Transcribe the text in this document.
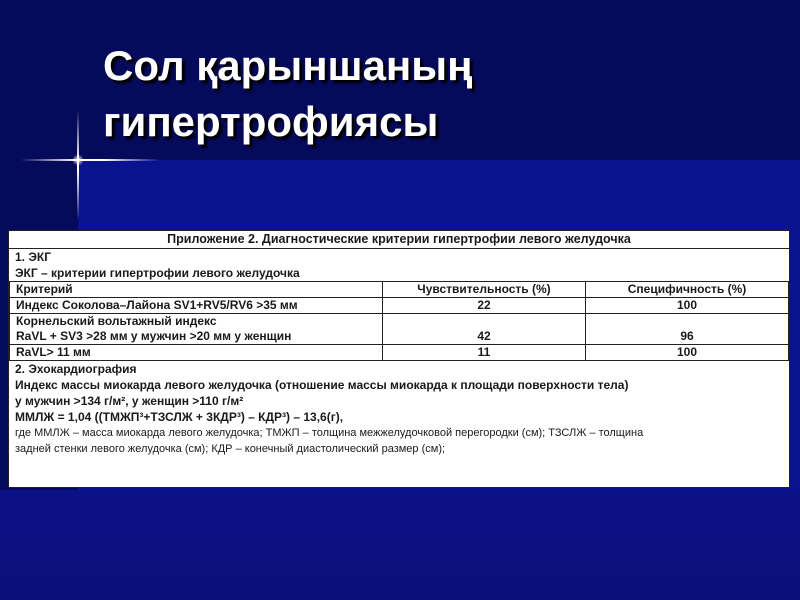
Сол қарыншаның
гипертрофиясы
Приложение 2. Диагностические критерии гипертрофии левого желудочка
1. ЭКГ
ЭКГ – критерии гипертрофии левого желудочка
Критерий	Чувствительность (%)	Специфичность (%)
Индекс Соколова–Лайона SV1+RV5/RV6 >35 мм	22	100

Корнельский вольтажный индекс
RaVL + SV3 >28 мм у мужчин >20 мм у женщин	42	96
RaVL> 11 мм	11	100
2. Эхокардиография
Индекс массы миокарда левого желудочка (отношение массы миокарда к площади поверхности тела)
у мужчин >134 г/м², у женщин >110 г/м²
ММЛЖ = 1,04 ((ТМЖП³+ТЗСЛЖ + 3КДР³) – КДР³) – 13,6(г),
где ММЛЖ – масса миокарда левого желудочка; ТМЖП – толщина межжелудочковой перегородки (см); ТЗСЛЖ – толщина
задней стенки левого желудочка (см); КДР – конечный диастолический размер (см);
